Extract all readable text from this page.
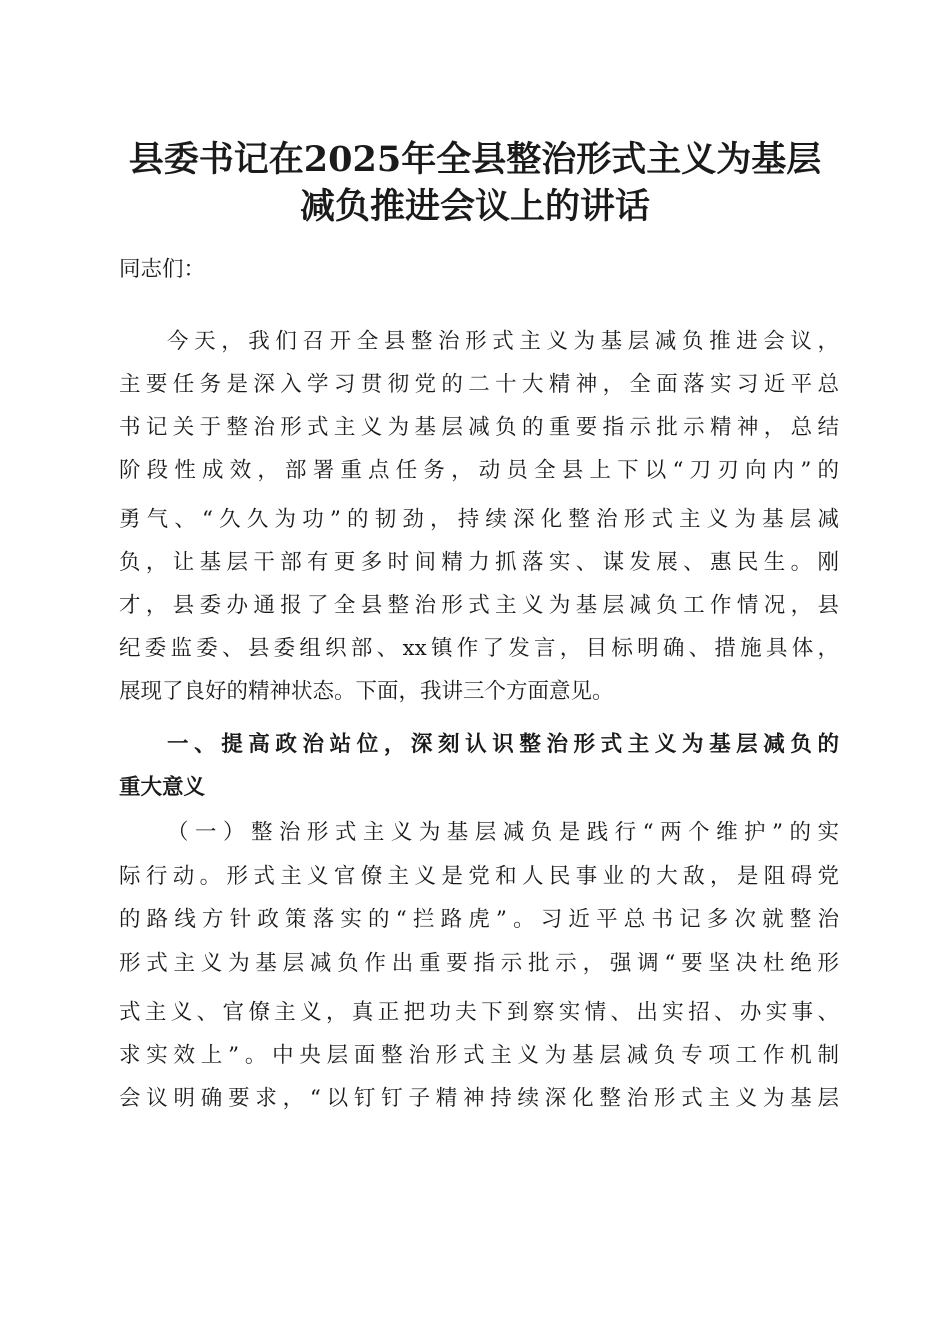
县委书记在2025年全县整治形式主义为基层
减负推进会议上的讲话
同志们：
今天，我们召开全县整治形式主义为基层减负推进会议，
主要任务是深入学习贯彻党的二十大精神，全面落实习近平总
书记关于整治形式主义为基层减负的重要指示批示精神，总结
阶段性成效，部署重点任务，动员全县上下以“刀刃向内”的
勇气、“久久为功”的韧劲，持续深化整治形式主义为基层减
负，让基层干部有更多时间精力抓落实、谋发展、惠民生。刚
才，县委办通报了全县整治形式主义为基层减负工作情况，县
纪委监委、县委组织部、xx镇作了发言，目标明确、措施具体，
展现了良好的精神状态。下面，我讲三个方面意见。
一、提高政治站位，深刻认识整治形式主义为基层减负的
重大意义
（一）整治形式主义为基层减负是践行“两个维护”的实
际行动。形式主义官僚主义是党和人民事业的大敌，是阻碍党
的路线方针政策落实的“拦路虎”。习近平总书记多次就整治
形式主义为基层减负作出重要指示批示，强调“要坚决杜绝形
式主义、官僚主义，真正把功夫下到察实情、出实招、办实事、
求实效上”。中央层面整治形式主义为基层减负专项工作机制
会议明确要求，“以钉钉子精神持续深化整治形式主义为基层
